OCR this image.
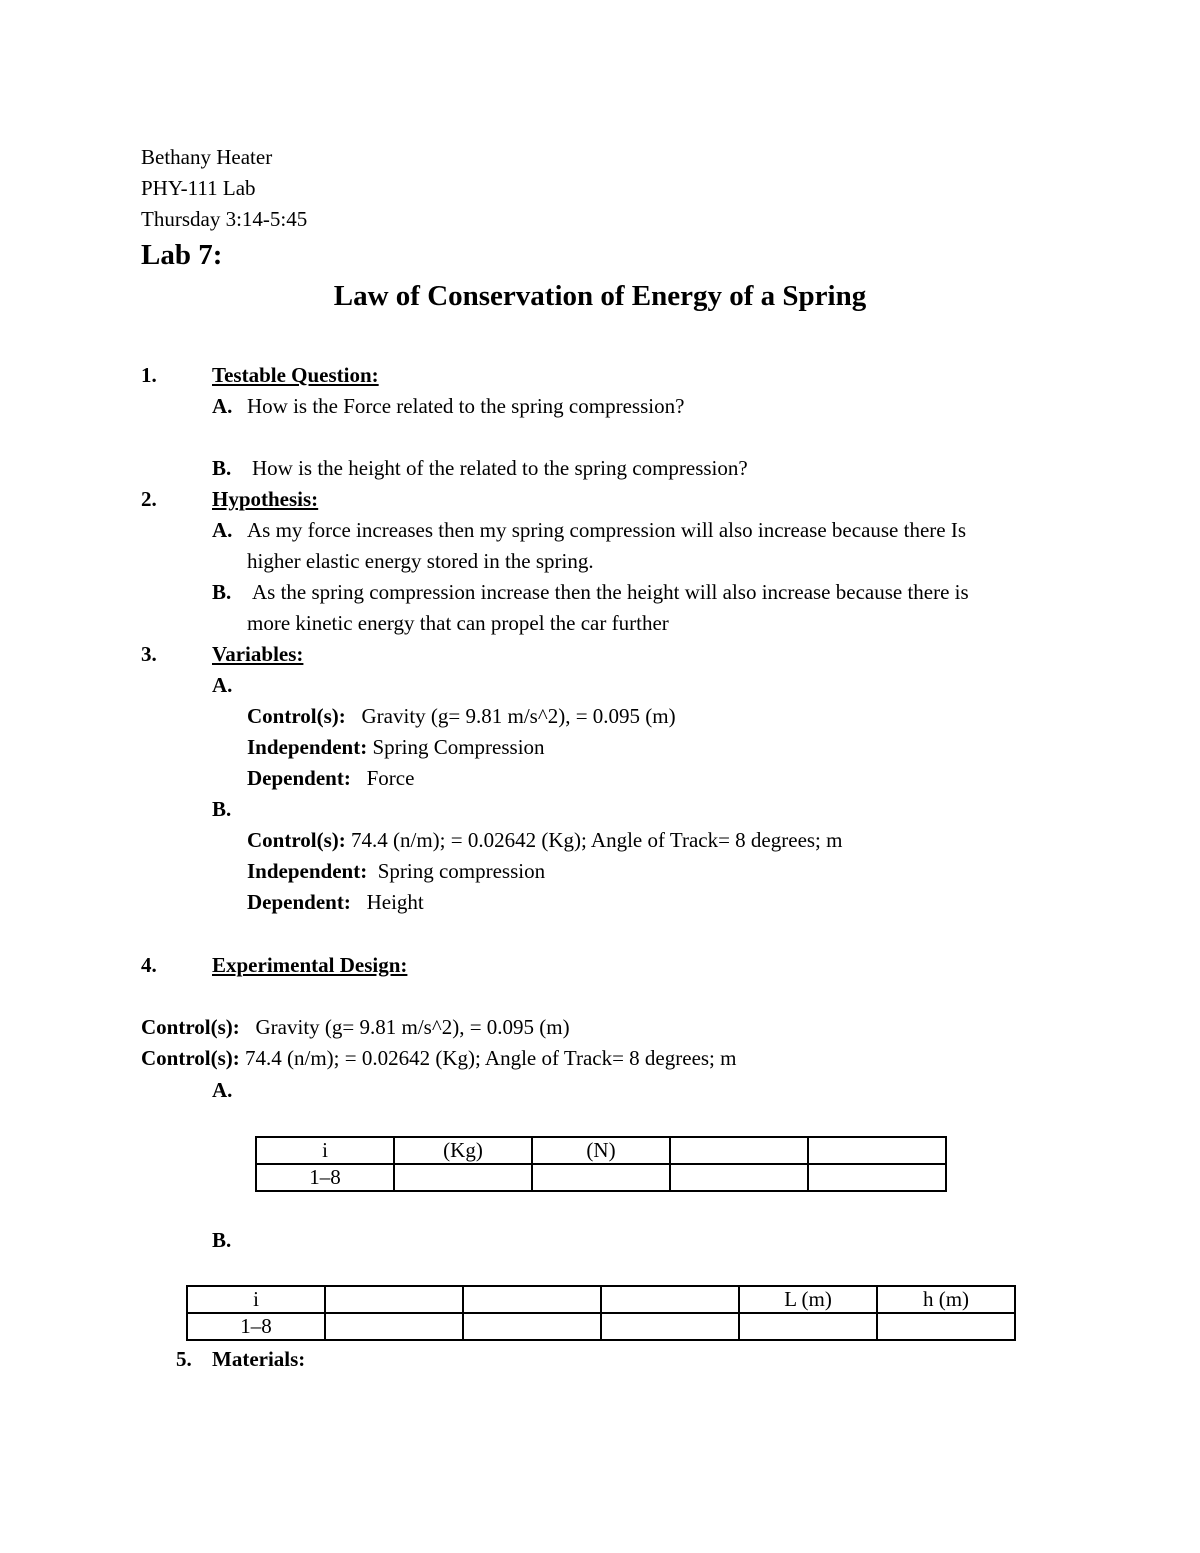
Bethany Heater
PHY-111 Lab
Thursday 3:14-5:45
Lab 7:
Law of Conservation of Energy of a Spring
1.	Testable Question:
A. How is the Force related to the spring compression?
B. How is the height of the related to the spring compression?
2.	Hypothesis:
A. As my force increases then my spring compression will also increase because there Is
higher elastic energy stored in the spring.
B. As the spring compression increase then the height will also increase because there is
more kinetic energy that can propel the car further
3.	Variables:
A.
Control(s): Gravity (g= 9.81 m/s^2), = 0.095 (m)
Independent: Spring Compression
Dependent: Force
B.
Control(s): 74.4 (n/m); = 0.02642 (Kg); Angle of Track= 8 degrees; m
Independent: Spring compression
Dependent: Height
4.	Experimental Design:
Control(s): Gravity (g= 9.81 m/s^2), = 0.095 (m)
Control(s): 74.4 (n/m); = 0.02642 (Kg); Angle of Track= 8 degrees; m
A.
i	(Kg)	(N)		
1–8				
B.
i				L (m)	h (m)
1–8					
5. Materials:
